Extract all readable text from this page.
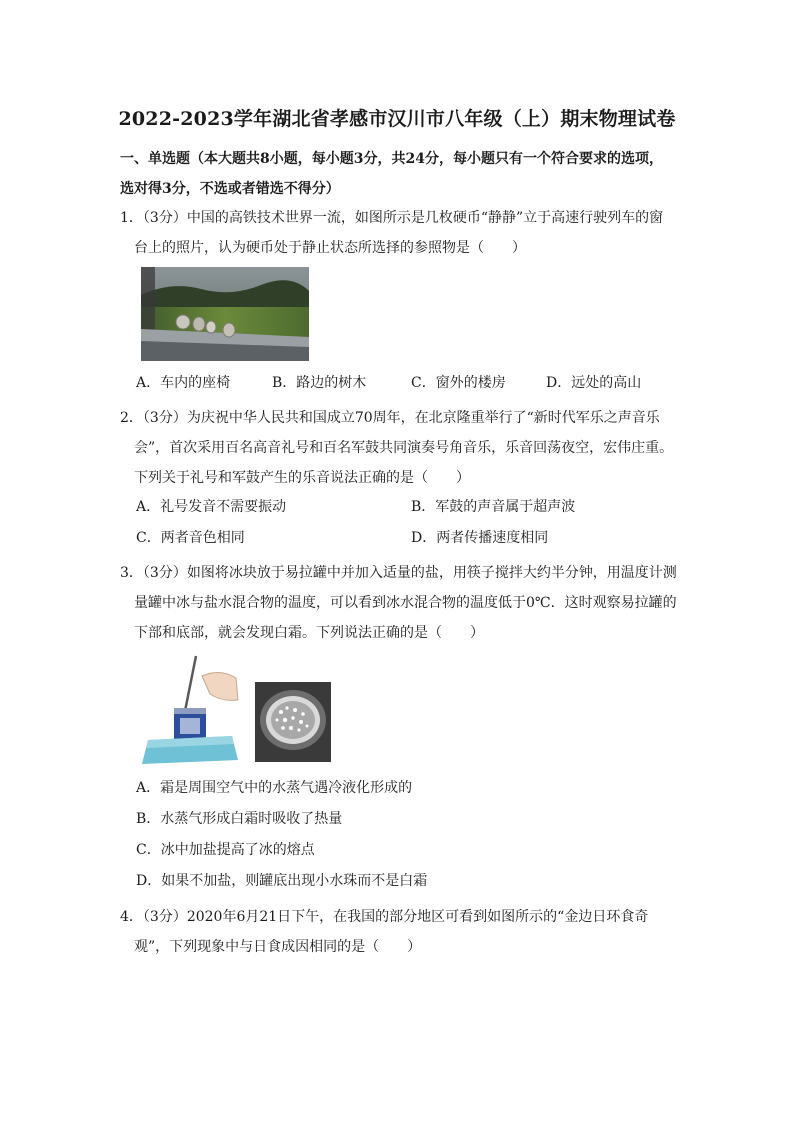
2022-2023学年湖北省孝感市汉川市八年级（上）期末物理试卷
一、单选题（本大题共8小题，每小题3分，共24分，每小题只有一个符合要求的选项，
选对得3分，不选或者错选不得分）
1．（3分）中国的高铁技术世界一流，如图所示是几枚硬币“静静”立于高速行驶列车的窗
台上的照片，认为硬币处于静止状态所选择的参照物是（　　）
A．车内的座椅	B．路边的树木	C．窗外的楼房	D．远处的高山
2．（3分）为庆祝中华人民共和国成立70周年，在北京隆重举行了“新时代军乐之声音乐
会”，首次采用百名高音礼号和百名军鼓共同演奏号角音乐，乐音回荡夜空，宏伟庄重。
下列关于礼号和军鼓产生的乐音说法正确的是（　　）
A．礼号发音不需要振动	B．军鼓的声音属于超声波
C．两者音色相同	D．两者传播速度相同
3．（3分）如图将冰块放于易拉罐中并加入适量的盐，用筷子搅拌大约半分钟，用温度计测
量罐中冰与盐水混合物的温度，可以看到冰水混合物的温度低于0℃．这时观察易拉罐的
下部和底部，就会发现白霜。下列说法正确的是（　　）
A．霜是周围空气中的水蒸气遇冷液化形成的
B．水蒸气形成白霜时吸收了热量
C．冰中加盐提高了冰的熔点
D．如果不加盐，则罐底出现小水珠而不是白霜
4．（3分）2020年6月21日下午，在我国的部分地区可看到如图所示的“金边日环食奇
观”，下列现象中与日食成因相同的是（　　）
